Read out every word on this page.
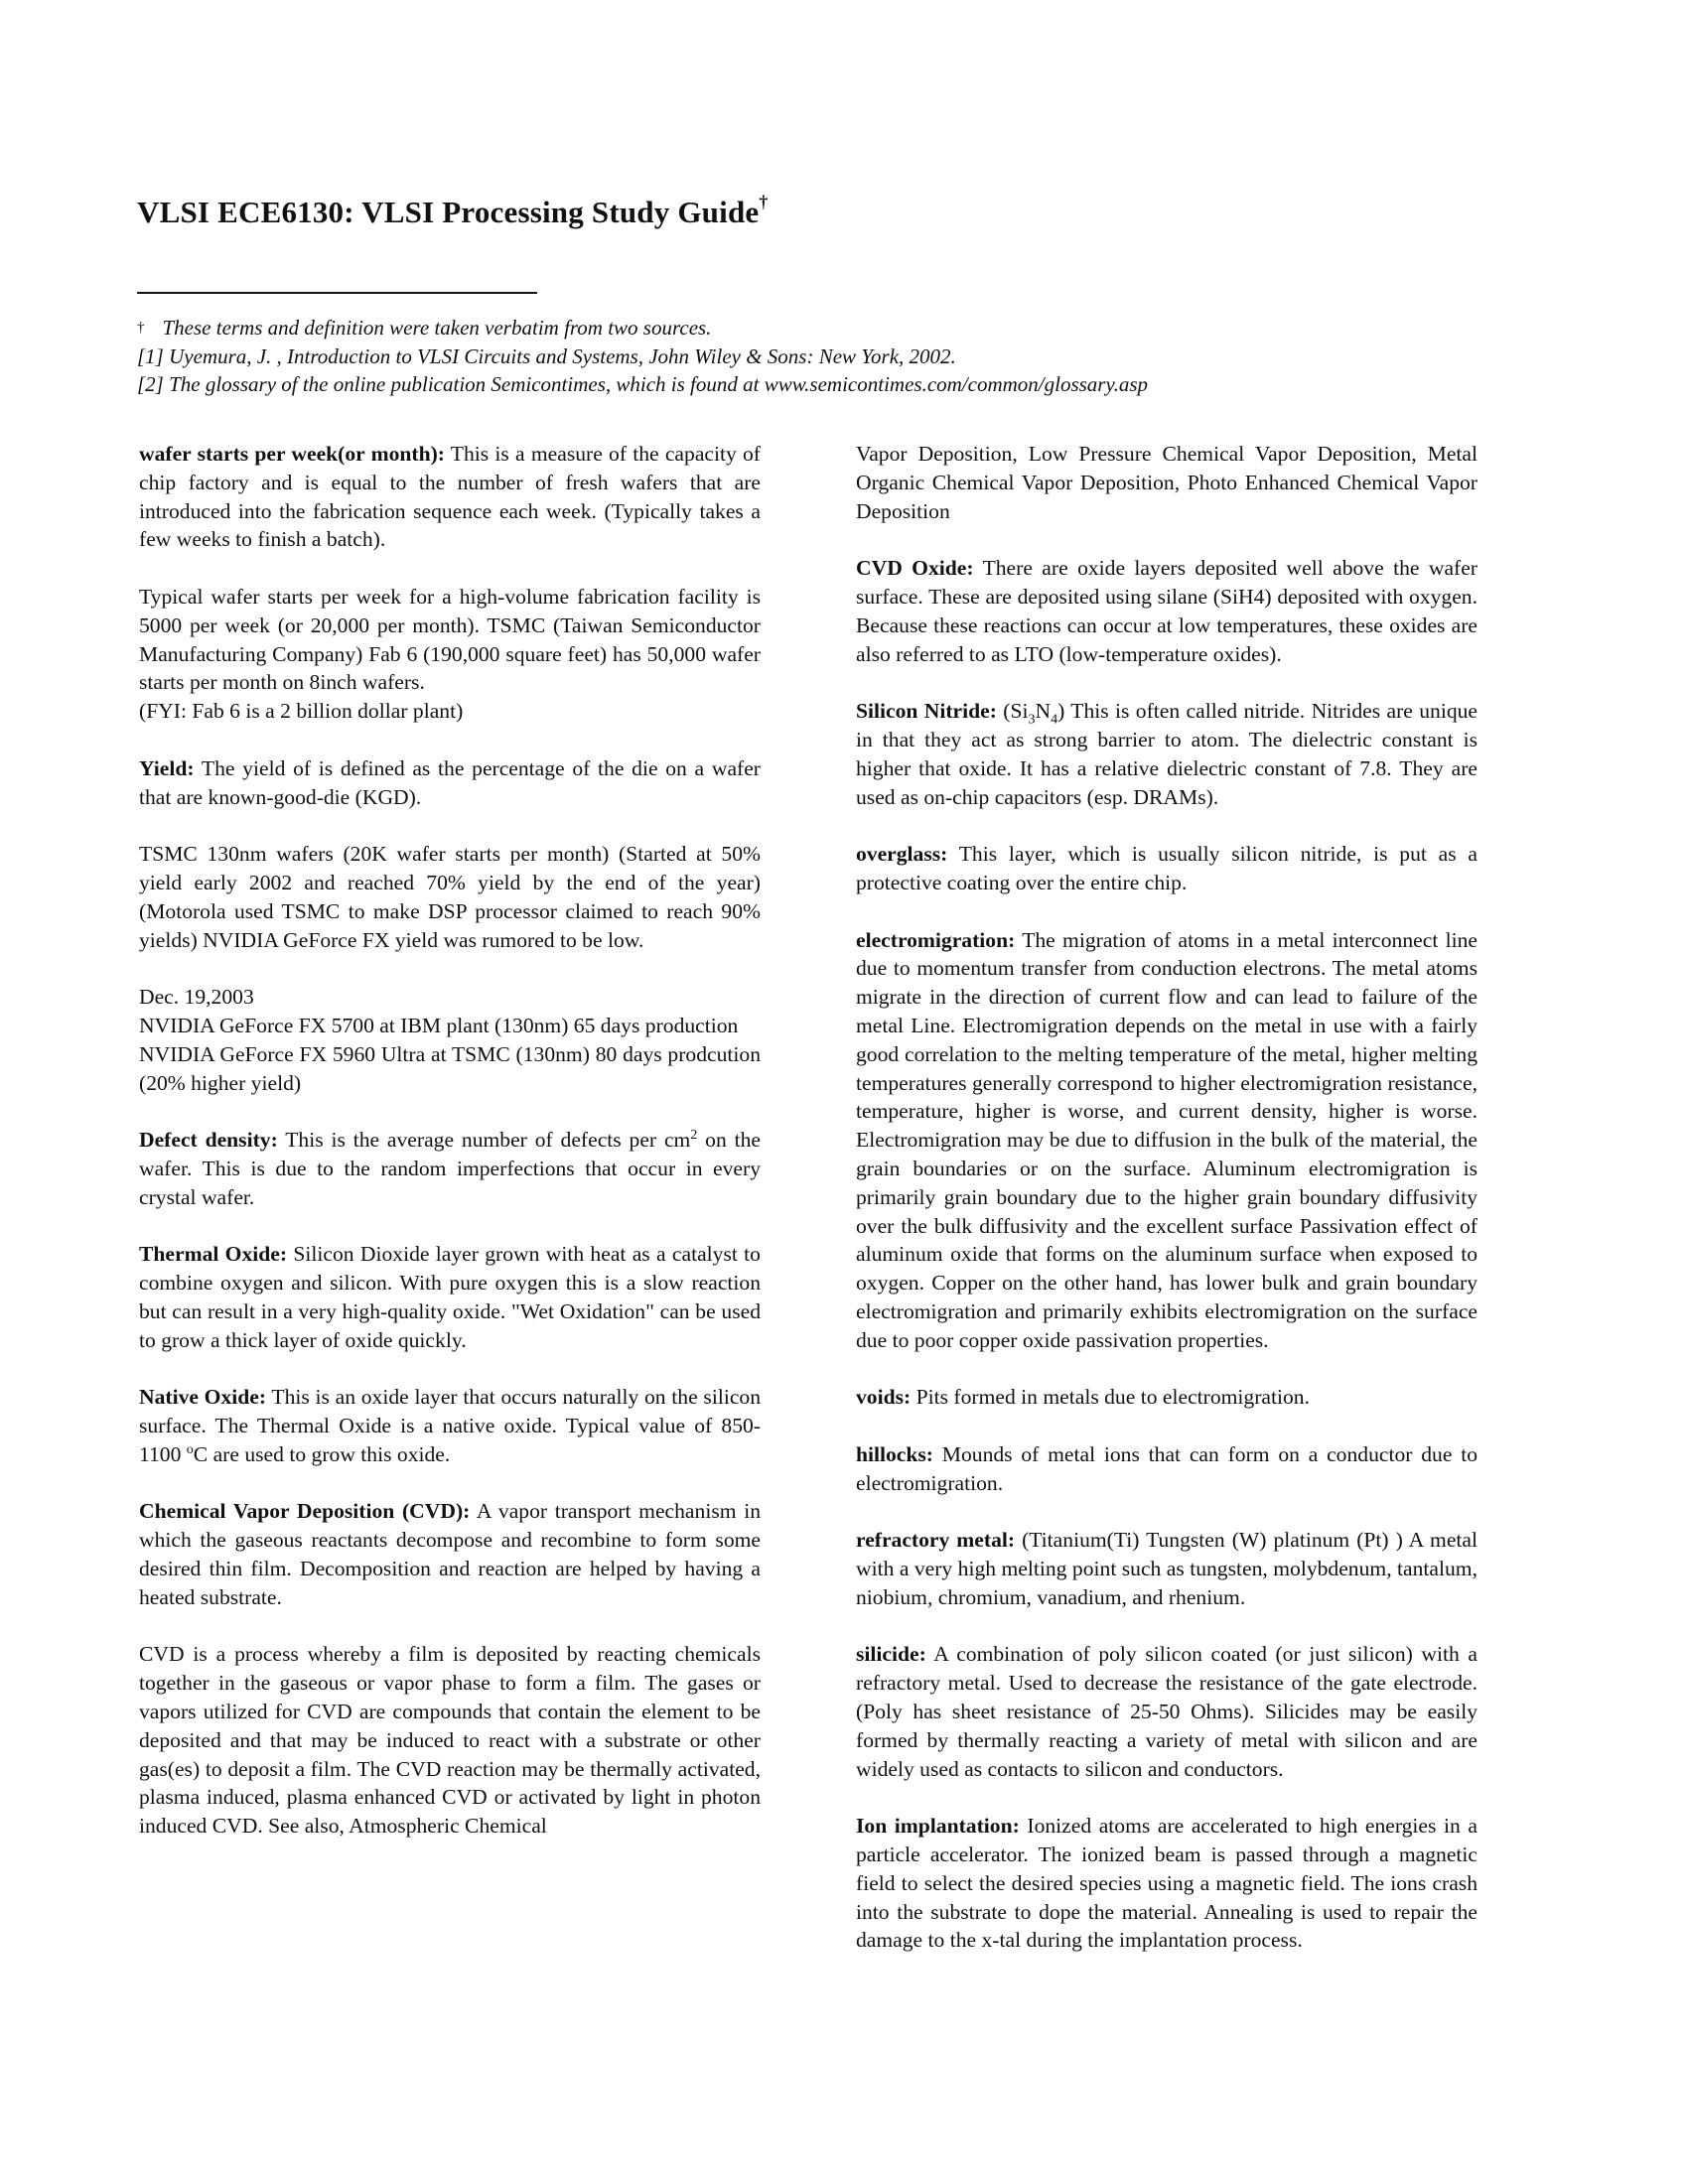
VLSI ECE6130: VLSI Processing Study Guide†
† These terms and definition were taken verbatim from two sources.
[1] Uyemura, J. , Introduction to VLSI Circuits and Systems, John Wiley & Sons: New York, 2002.
[2] The glossary of the online publication Semicontimes, which is found at www.semicontimes.com/common/glossary.asp

wafer starts per week(or month): This is a measure of the capacity of chip factory and is equal to the number of fresh wafers that are introduced into the fabrication sequence each week. (Typically takes a few weeks to finish a batch).

Typical wafer starts per week for a high-volume fabrication facility is 5000 per week (or 20,000 per month). TSMC (Taiwan Semiconductor Manufacturing Company) Fab 6 (190,000 square feet) has 50,000 wafer starts per month on 8inch wafers.

(FYI: Fab 6 is a 2 billion dollar plant)

Yield: The yield of is defined as the percentage of the die on a wafer that are known-good-die (KGD).

TSMC 130nm wafers (20K wafer starts per month) (Started at 50% yield early 2002 and reached 70% yield by the end of the year) (Motorola used TSMC to make DSP processor claimed to reach 90% yields) NVIDIA GeForce FX yield was rumored to be low.

Dec. 19,2003

NVIDIA GeForce FX 5700 at IBM plant (130nm) 65 days production

NVIDIA GeForce FX 5960 Ultra at TSMC (130nm) 80 days prodcution (20% higher yield)

Defect density: This is the average number of defects per $cm^2$ on the wafer. This is due to the random imperfections that occur in every crystal wafer.

Thermal Oxide: Silicon Dioxide layer grown with heat as a catalyst to combine oxygen and silicon. With pure oxygen this is a slow reaction but can result in a very high-quality oxide. "Wet Oxidation" can be used to grow a thick layer of oxide quickly.

Native Oxide: This is an oxide layer that occurs naturally on the silicon surface. The Thermal Oxide is a native oxide. Typical value of 850-1100 $^o$C are used to grow this oxide.

Chemical Vapor Deposition (CVD): A vapor transport mechanism in which the gaseous reactants decompose and recombine to form some desired thin film. Decomposition and reaction are helped by having a heated substrate.

CVD is a process whereby a film is deposited by reacting chemicals together in the gaseous or vapor phase to form a film. The gases or vapors utilized for CVD are compounds that contain the element to be deposited and that may be induced to react with a substrate or other gas(es) to deposit a film. The CVD reaction may be thermally activated, plasma induced, plasma enhanced CVD or activated by light in photon induced CVD. See also, Atmospheric Chemical

Vapor Deposition, Low Pressure Chemical Vapor Deposition, Metal Organic Chemical Vapor Deposition, Photo Enhanced Chemical Vapor Deposition

CVD Oxide: There are oxide layers deposited well above the wafer surface. These are deposited using silane (SiH4) deposited with oxygen. Because these reactions can occur at low temperatures, these oxides are also referred to as LTO (low-temperature oxides).

Silicon Nitride: $(Si_3N_4)$ This is often called nitride. Nitrides are unique in that they act as strong barrier to atom. The dielectric constant is higher that oxide. It has a relative dielectric constant of 7.8. They are used as on-chip capacitors (esp. DRAMs).

overglass: This layer, which is usually silicon nitride, is put as a protective coating over the entire chip.

electromigration: The migration of atoms in a metal interconnect line due to momentum transfer from conduction electrons. The metal atoms migrate in the direction of current flow and can lead to failure of the metal Line. Electromigration depends on the metal in use with a fairly good correlation to the melting temperature of the metal, higher melting temperatures generally correspond to higher electromigration resistance, temperature, higher is worse, and current density, higher is worse. Electromigration may be due to diffusion in the bulk of the material, the grain boundaries or on the surface. Aluminum electromigration is primarily grain boundary due to the higher grain boundary diffusivity over the bulk diffusivity and the excellent surface Passivation effect of aluminum oxide that forms on the aluminum surface when exposed to oxygen. Copper on the other hand, has lower bulk and grain boundary electromigration and primarily exhibits electromigration on the surface due to poor copper oxide passivation properties.

voids: Pits formed in metals due to electromigration.

hillocks: Mounds of metal ions that can form on a conductor due to electromigration.

refractory metal: (Titanium(Ti) Tungsten (W) platinum (Pt) ) A metal with a very high melting point such as tungsten, molybdenum, tantalum, niobium, chromium, vanadium, and rhenium.

silicide: A combination of poly silicon coated (or just silicon) with a refractory metal. Used to decrease the resistance of the gate electrode. (Poly has sheet resistance of 25-50 Ohms). Silicides may be easily formed by thermally reacting a variety of metal with silicon and are widely used as contacts to silicon and conductors.

Ion implantation: Ionized atoms are accelerated to high energies in a particle accelerator. The ionized beam is passed through a magnetic field to select the desired species using a magnetic field. The ions crash into the substrate to dope the material. Annealing is used to repair the damage to the x-tal during the implantation process.
